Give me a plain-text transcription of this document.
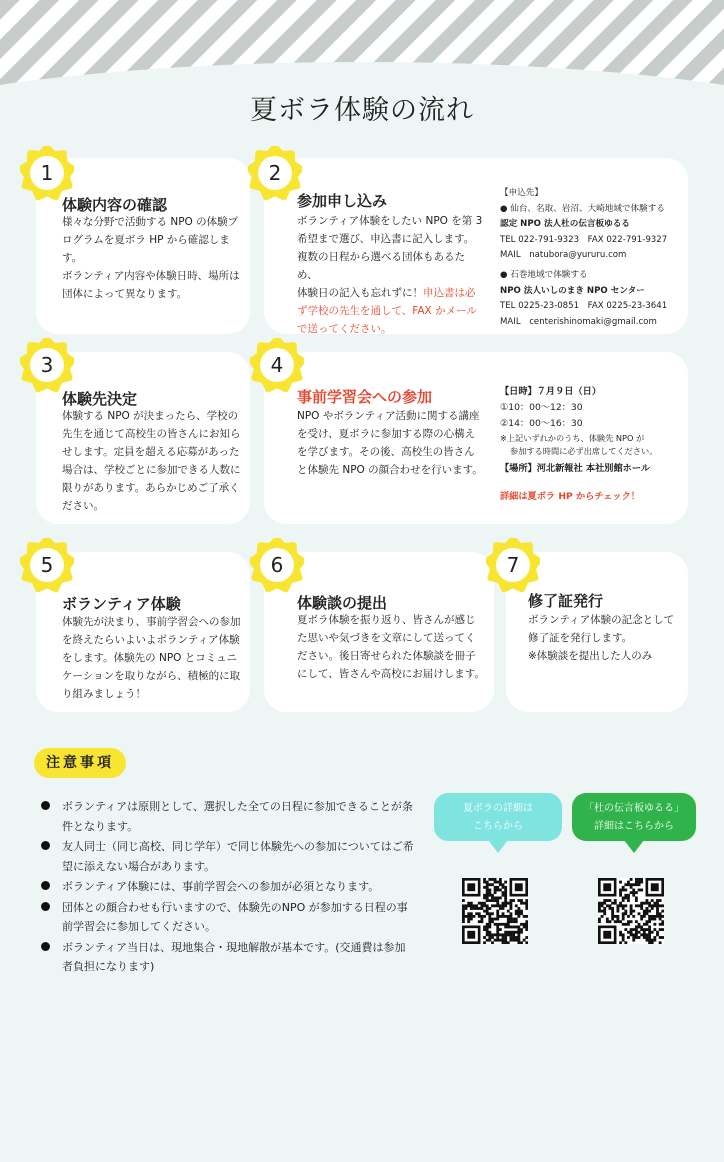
夏ボラ体験の流れ
1	2
3	4
5	6	7
体験内容の確認
様々な分野で活動する NPO の体験プ
ログラムを夏ボラ HP から確認します。
ボランティア内容や体験日時、場所は
団体によって異なります。
参加申し込み
ボランティア体験をしたい NPO を第 3
希望まで選び、申込書に記入します。
複数の日程から選べる団体もあるため、
体験日の記入も忘れずに！申込書は必
ず学校の先生を通して、FAX かメール
で送ってください。
【申込先】
● 仙台、名取、岩沼、大崎地域で体験する
認定 NPO 法人杜の伝言板ゆるる
TEL 022-791-9323　FAX 022-791-9327
MAIL　natubora@yururu.com
● 石巻地域で体験する
NPO 法人いしのまき NPO センター
TEL 0225-23-0851　FAX 0225-23-3641
MAIL　centerishinomaki@gmail.com
体験先決定
体験する NPO が決まったら、学校の
先生を通じて高校生の皆さんにお知ら
せします。定員を超える応募があった
場合は、学校ごとに参加できる人数に
限りがあります。あらかじめご了承く
ださい。
事前学習会への参加
NPO やボランティア活動に関する講座
を受け、夏ボラに参加する際の心構え
を学びます。その後、高校生の皆さん
と体験先 NPO の顔合わせを行います。
【日時】７月９日（日）
①10：00～12：30
②14：00～16：30
※上記いずれかのうち、体験先 NPO が
参加する時間に必ず出席してください。
【場所】河北新報社 本社別館ホール
詳細は夏ボラ HP からチェック！
ボランティア体験
体験先が決まり、事前学習会への参加
を終えたらいよいよボランティア体験
をします。体験先の NPO とコミュニ
ケーションを取りながら、積極的に取
り組みましょう！
体験談の提出
夏ボラ体験を振り返り、皆さんが感じ
た思いや気づきを文章にして送ってく
ださい。後日寄せられた体験談を冊子
にして、皆さんや高校にお届けします。
修了証発行
ボランティア体験の記念として
修了証を発行します。
※体験談を提出した人のみ
注意事項
ボランティアは原則として、選択した全ての日程に参加できることが条件となります。
友人同士（同じ高校、同じ学年）で同じ体験先への参加についてはご希望に添えない場合があります。
ボランティア体験には、事前学習会への参加が必須となります。
団体との顔合わせも行いますので、体験先のNPO が参加する日程の事前学習会に参加してください。
ボランティア当日は、現地集合・現地解散が基本です。(交通費は参加者負担になります)
夏ボラの詳細は
こちらから
「杜の伝言板ゆるる」
詳細はこちらから
